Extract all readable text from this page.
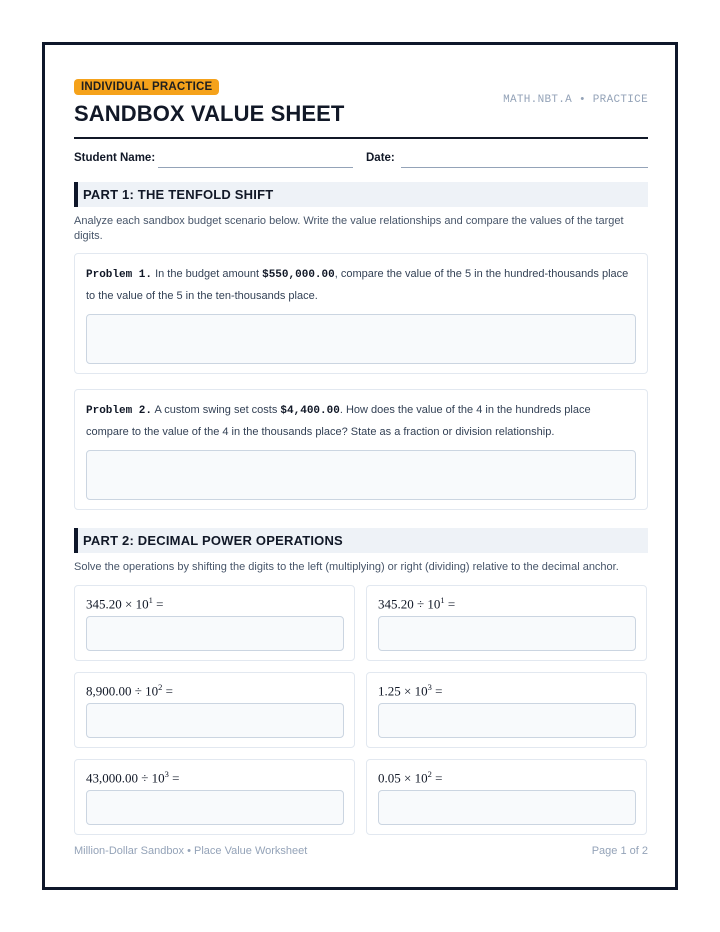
INDIVIDUAL PRACTICE
SANDBOX VALUE SHEET
MATH.NBT.A • PRACTICE
Student Name:	Date:
PART 1: THE TENFOLD SHIFT
Analyze each sandbox budget scenario below. Write the value relationships and compare the values of the target digits.
Problem 1. In the budget amount $550,000.00, compare the value of the 5 in the hundred-thousands place to the value of the 5 in the ten-thousands place.
Problem 2. A custom swing set costs $4,400.00. How does the value of the 4 in the hundreds place compare to the value of the 4 in the thousands place? State as a fraction or division relationship.
PART 2: DECIMAL POWER OPERATIONS
Solve the operations by shifting the digits to the left (multiplying) or right (dividing) relative to the decimal anchor.
$345.20 \times 10^1$ =	$345.20 \div 10^1$ =
$8,900.00 \div 10^2$ =	$1.25 \times 10^3$ =
$43,000.00 \div 10^3$ =	$0.05 \times 10^2$ =
Million-Dollar Sandbox • Place Value Worksheet	Page 1 of 2
